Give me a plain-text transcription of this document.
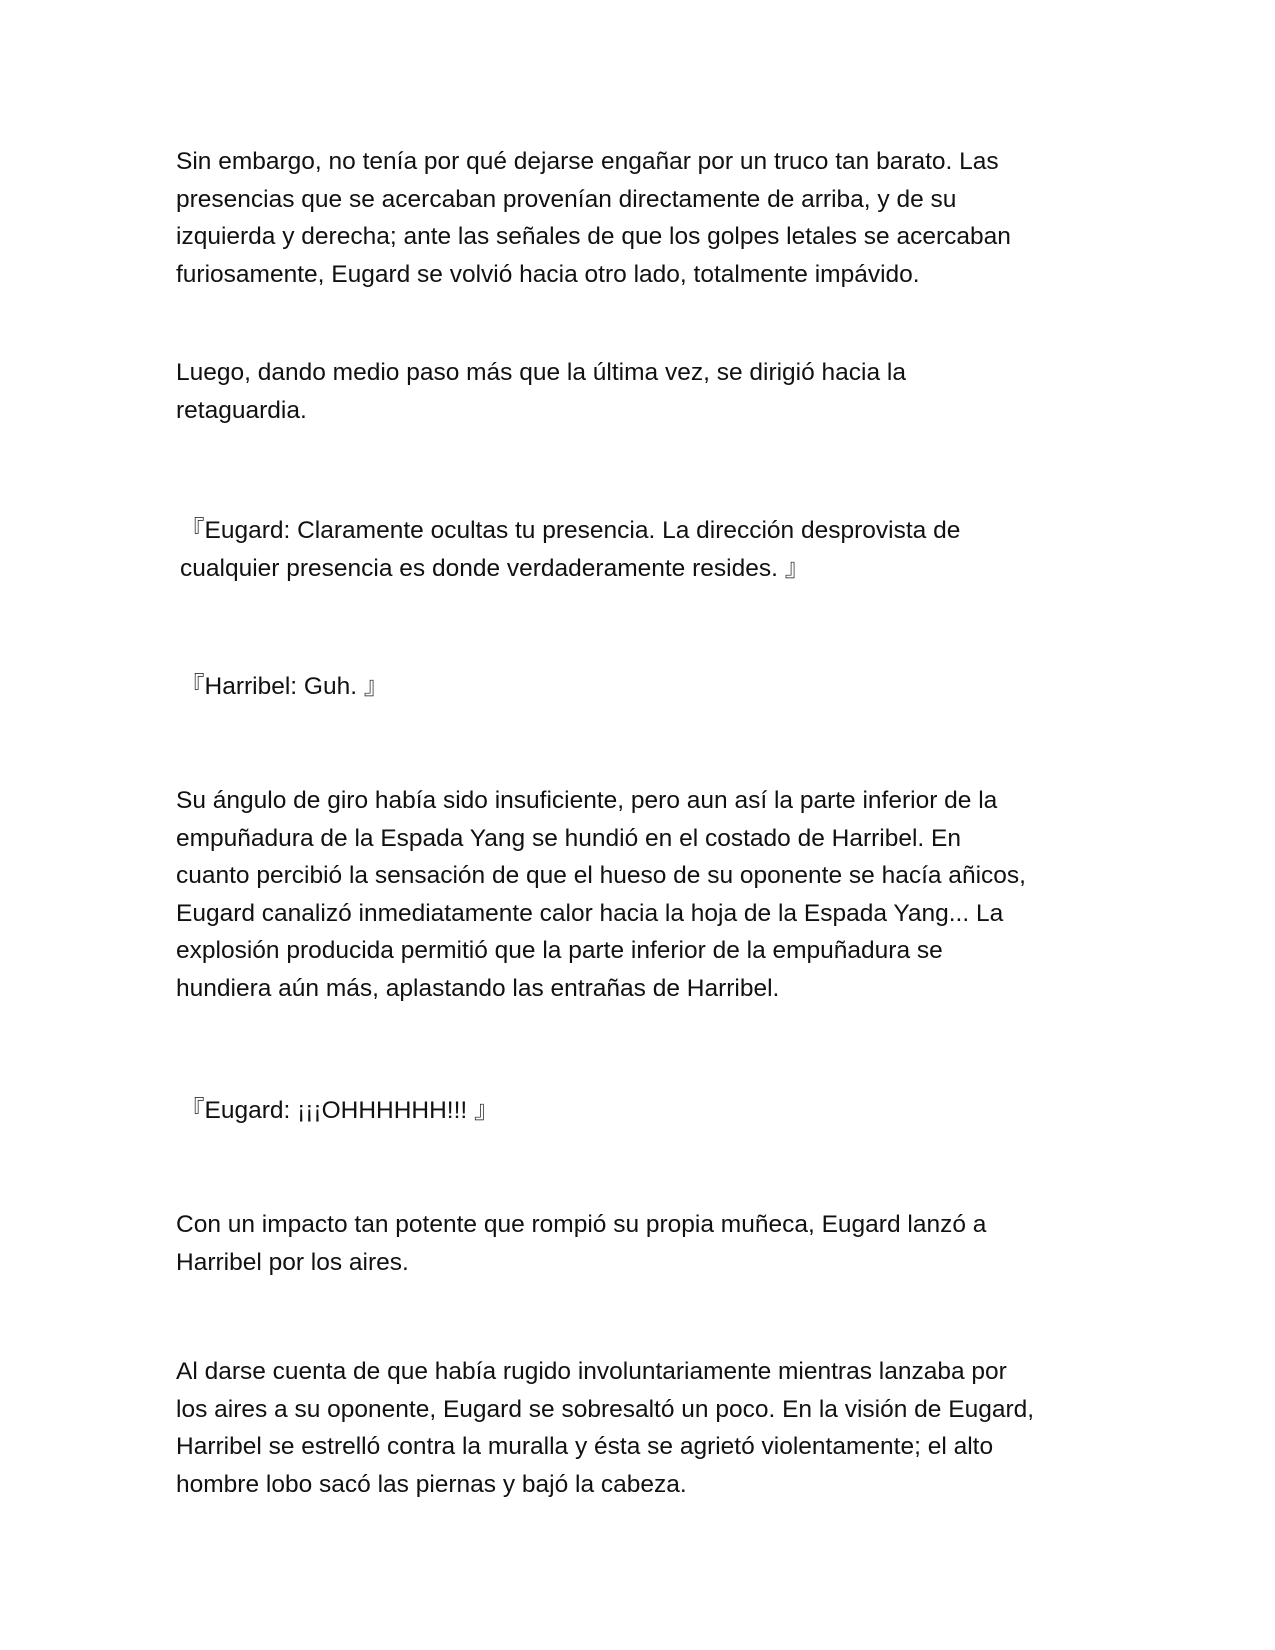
Sin embargo, no tenía por qué dejarse engañar por un truco tan barato. Las
presencias que se acercaban provenían directamente de arriba, y de su
izquierda y derecha; ante las señales de que los golpes letales se acercaban
furiosamente, Eugard se volvió hacia otro lado, totalmente impávido.

Luego, dando medio paso más que la última vez, se dirigió hacia la
retaguardia.

『Eugard: Claramente ocultas tu presencia. La dirección desprovista de
cualquier presencia es donde verdaderamente resides. 』

『Harribel: Guh. 』

Su ángulo de giro había sido insuficiente, pero aun así la parte inferior de la
empuñadura de la Espada Yang se hundió en el costado de Harribel. En
cuanto percibió la sensación de que el hueso de su oponente se hacía añicos,
Eugard canalizó inmediatamente calor hacia la hoja de la Espada Yang... La
explosión producida permitió que la parte inferior de la empuñadura se
hundiera aún más, aplastando las entrañas de Harribel.

『Eugard: ¡¡¡OHHHHHH!!! 』

Con un impacto tan potente que rompió su propia muñeca, Eugard lanzó a
Harribel por los aires.

Al darse cuenta de que había rugido involuntariamente mientras lanzaba por
los aires a su oponente, Eugard se sobresaltó un poco. En la visión de Eugard,
Harribel se estrelló contra la muralla y ésta se agrietó violentamente; el alto
hombre lobo sacó las piernas y bajó la cabeza.
